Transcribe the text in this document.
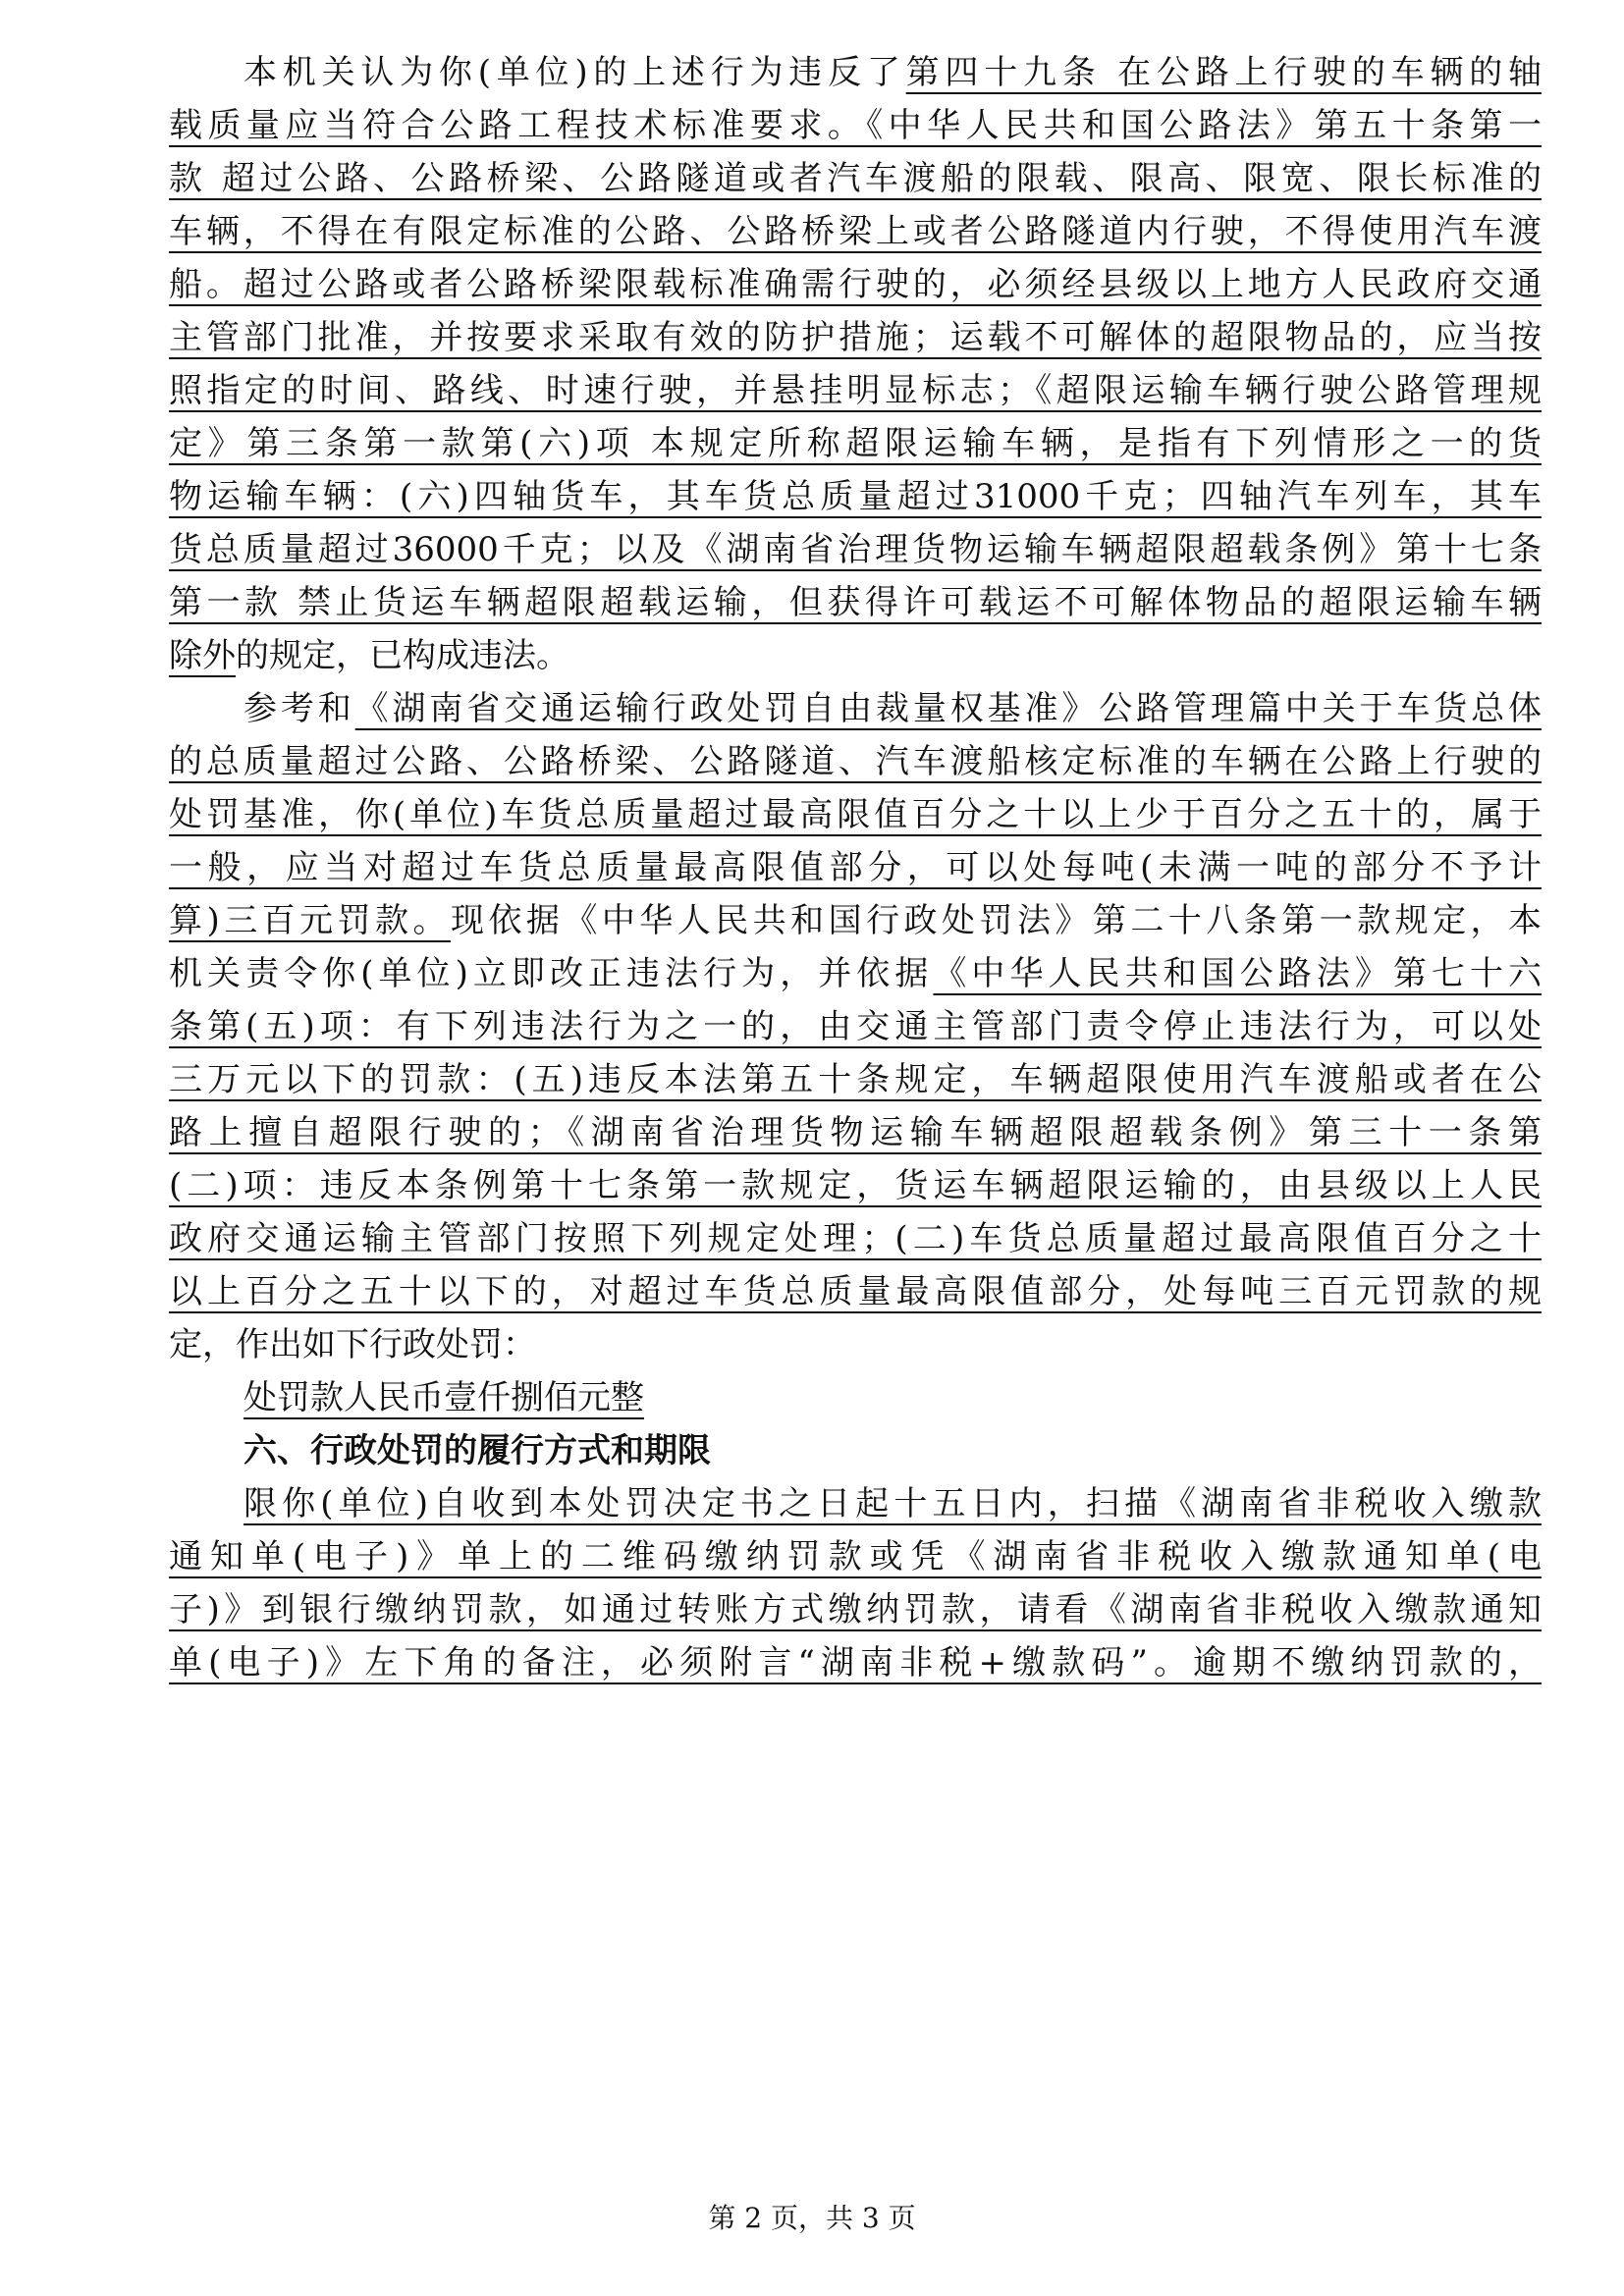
本机关认为你(单位)的上述行为违反了第四十九条 在公路上行驶的车辆的轴
载质量应当符合公路工程技术标准要求。《中华人民共和国公路法》第五十条第一
款 超过公路、公路桥梁、公路隧道或者汽车渡船的限载、限高、限宽、限长标准的
车辆，不得在有限定标准的公路、公路桥梁上或者公路隧道内行驶，不得使用汽车渡
船。超过公路或者公路桥梁限载标准确需行驶的，必须经县级以上地方人民政府交通
主管部门批准，并按要求采取有效的防护措施；运载不可解体的超限物品的，应当按
照指定的时间、路线、时速行驶，并悬挂明显标志；《超限运输车辆行驶公路管理规
定》第三条第一款第(六)项 本规定所称超限运输车辆，是指有下列情形之一的货
物运输车辆：(六)四轴货车，其车货总质量超过31000千克；四轴汽车列车，其车
货总质量超过36000千克；以及《湖南省治理货物运输车辆超限超载条例》第十七条
第一款 禁止货运车辆超限超载运输，但获得许可载运不可解体物品的超限运输车辆
除外的规定，已构成违法。
参考和《湖南省交通运输行政处罚自由裁量权基准》公路管理篇中关于车货总体
的总质量超过公路、公路桥梁、公路隧道、汽车渡船核定标准的车辆在公路上行驶的
处罚基准，你(单位)车货总质量超过最高限值百分之十以上少于百分之五十的，属于
一般，应当对超过车货总质量最高限值部分，可以处每吨(未满一吨的部分不予计
算)三百元罚款。现依据《中华人民共和国行政处罚法》第二十八条第一款规定，本
机关责令你(单位)立即改正违法行为，并依据《中华人民共和国公路法》第七十六
条第(五)项：有下列违法行为之一的，由交通主管部门责令停止违法行为，可以处
三万元以下的罚款：(五)违反本法第五十条规定，车辆超限使用汽车渡船或者在公
路上擅自超限行驶的；《湖南省治理货物运输车辆超限超载条例》第三十一条第
(二)项：违反本条例第十七条第一款规定，货运车辆超限运输的，由县级以上人民
政府交通运输主管部门按照下列规定处理；(二)车货总质量超过最高限值百分之十
以上百分之五十以下的，对超过车货总质量最高限值部分，处每吨三百元罚款的规
定，作出如下行政处罚：
处罚款人民币壹仟捌佰元整
六、行政处罚的履行方式和期限
限你(单位)自收到本处罚决定书之日起十五日内，扫描《湖南省非税收入缴款
通知单(电子)》单上的二维码缴纳罚款或凭《湖南省非税收入缴款通知单(电
子)》到银行缴纳罚款，如通过转账方式缴纳罚款，请看《湖南省非税收入缴款通知
单(电子)》左下角的备注，必须附言“湖南非税+缴款码”。逾期不缴纳罚款的，
第 2 页，共 3 页
